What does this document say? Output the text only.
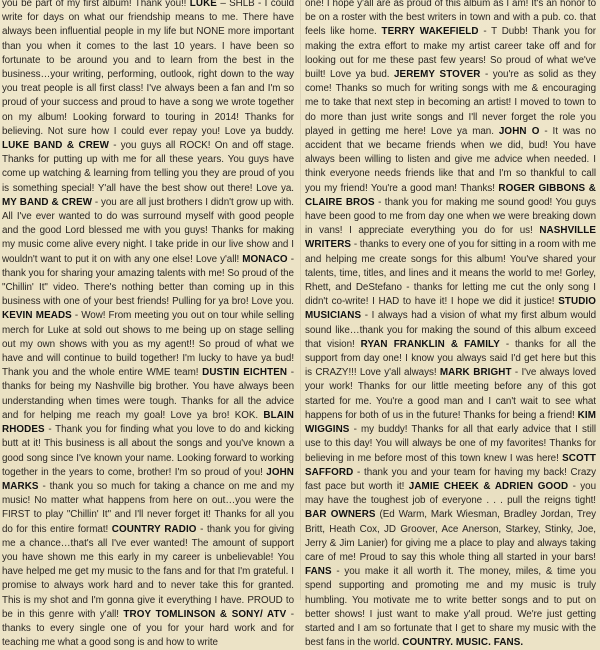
you be part of my first album! Thank you!! LUKE – SHLB - I could write for days on what our friendship means to me. There have always been influential people in my life but NONE more important than you when it comes to the last 10 years. I have been so fortunate to be around you and to learn from the best in the business…your writing, performing, outlook, right down to the way you treat people is all first class! I've always been a fan and I'm so proud of your success and proud to have a song we wrote together on my album! Looking forward to touring in 2014! Thanks for believing. Not sure how I could ever repay you! Love ya buddy. LUKE BAND & CREW - you guys all ROCK! On and off stage. Thanks for putting up with me for all these years. You guys have come up watching & learning from telling you they are proud of you is something special! Y'all have the best show out there! Love ya. MY BAND & CREW - you are all just brothers I didn't grow up with. All I've ever wanted to do was surround myself with good people and the good Lord blessed me with you guys! Thanks for making my music come alive every night. I take pride in our live show and I wouldn't want to put it on with any one else! Love y'all! MONACO - thank you for sharing your amazing talents with me! So proud of the "Chillin' It" video. There's nothing better than coming up in this business with one of your best friends! Pulling for ya bro! Love you. KEVIN MEADS - Wow! From meeting you out on tour while selling merch for Luke at sold out shows to me being up on stage selling out my own shows with you as my agent!! So proud of what we have and will continue to build together! I'm lucky to have ya bud! Thank you and the whole entire WME team! DUSTIN EICHTEN - thanks for being my Nashville big brother. You have always been understanding when times were tough. Thanks for all the advice and for helping me reach my goal! Love ya bro! KOK. BLAIN RHODES - Thank you for finding what you love to do and kicking butt at it! This business is all about the songs and you've known a good song since I've known your name. Looking forward to working together in the years to come, brother! I'm so proud of you! JOHN MARKS - thank you so much for taking a chance on me and my music! No matter what happens from here on out…you were the FIRST to play "Chillin' It" and I'll never forget it! Thanks for all you do for this entire format! COUNTRY RADIO - thank you for giving me a chance…that's all I've ever wanted! The amount of support you have shown me this early in my career is unbelievable! You have helped me get my music to the fans and for that I'm grateful. I promise to always work hard and to never take this for granted. This is my shot and I'm gonna give it everything I have. PROUD to be in this genre with y'all! TROY TOMLINSON & SONY/ ATV - thanks to every single one of you for your hard work and for teaching me what a good song is and how to write

one! I hope y'all are as proud of this album as I am! It's an honor to be on a roster with the best writers in town and with a pub. co. that feels like home. TERRY WAKEFIELD - T Dubb! Thank you for making the extra effort to make my artist career take off and for looking out for me these past few years! So proud of what we've built! Love ya bud. JEREMY STOVER - you're as solid as they come! Thanks so much for writing songs with me & encouraging me to take that next step in becoming an artist! I moved to town to do more than just write songs and I'll never forget the role you played in getting me here! Love ya man. JOHN O - It was no accident that we became friends when we did, bud! You have always been willing to listen and give me advice when needed. I think everyone needs friends like that and I'm so thankful to call you my friend! You're a good man! Thanks! ROGER GIBBONS & CLAIRE BROS - thank you for making me sound good! You guys have been good to me from day one when we were breaking down in vans! I appreciate everything you do for us! NASHVILLE WRITERS - thanks to every one of you for sitting in a room with me and helping me create songs for this album! You've shared your talents, time, titles, and lines and it means the world to me! Gorley, Rhett, and DeStefano - thanks for letting me cut the only song I didn't co-write! I HAD to have it! I hope we did it justice! STUDIO MUSICIANS - I always had a vision of what my first album would sound like…thank you for making the sound of this album exceed that vision! RYAN FRANKLIN & FAMILY - thanks for all the support from day one! I know you always said I'd get here but this is CRAZY!!! Love y'all always! MARK BRIGHT - I've always loved your work! Thanks for our little meeting before any of this got started for me. You're a good man and I can't wait to see what happens for both of us in the future! Thanks for being a friend! KIM WIGGINS - my buddy! Thanks for all that early advice that I still use to this day! You will always be one of my favorites! Thanks for believing in me before most of this town knew I was here! SCOTT SAFFORD - thank you and your team for having my back! Crazy fast pace but worth it! JAMIE CHEEK & ADRIEN GOOD - you may have the toughest job of everyone . . . pull the reigns tight! BAR OWNERS (Ed Warm, Mark Wiesman, Bradley Jordan, Trey Britt, Heath Cox, JD Groover, Ace Anerson, Starkey, Stinky, Joe, Jerry & Jim Lanier) for giving me a place to play and always taking care of me! Proud to say this whole thing all started in your bars! FANS - you make it all worth it. The money, miles, & time you spend supporting and promoting me and my music is truly humbling. You motivate me to write better songs and to put on better shows! I just want to make y'all proud. We're just getting started and I am so fortunate that I get to share my music with the best fans in the world. COUNTRY. MUSIC. FANS.
